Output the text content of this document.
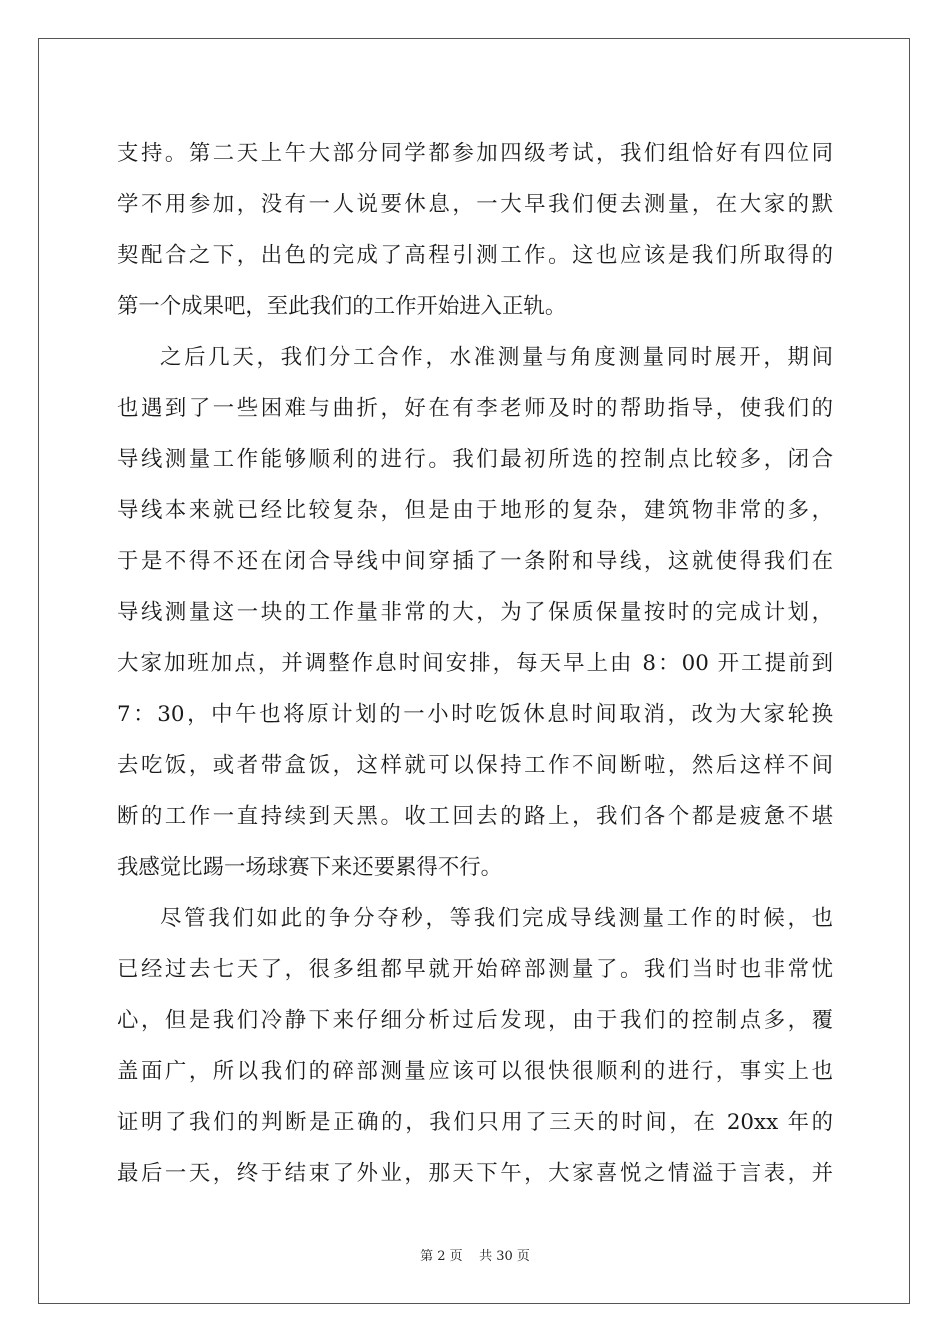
支持。第二天上午大部分同学都参加四级考试，我们组恰好有四位同
学不用参加，没有一人说要休息，一大早我们便去测量，在大家的默
契配合之下，出色的完成了高程引测工作。这也应该是我们所取得的
第一个成果吧，至此我们的工作开始进入正轨。
之后几天，我们分工合作，水准测量与角度测量同时展开，期间
也遇到了一些困难与曲折，好在有李老师及时的帮助指导，使我们的
导线测量工作能够顺利的进行。我们最初所选的控制点比较多，闭合
导线本来就已经比较复杂，但是由于地形的复杂，建筑物非常的多，
于是不得不还在闭合导线中间穿插了一条附和导线，这就使得我们在
导线测量这一块的工作量非常的大，为了保质保量按时的完成计划，
大家加班加点，并调整作息时间安排，每天早上由 8：00 开工提前到
7：30，中午也将原计划的一小时吃饭休息时间取消，改为大家轮换
去吃饭，或者带盒饭，这样就可以保持工作不间断啦，然后这样不间
断的工作一直持续到天黑。收工回去的路上，我们各个都是疲惫不堪
我感觉比踢一场球赛下来还要累得不行。
尽管我们如此的争分夺秒，等我们完成导线测量工作的时候，也
已经过去七天了，很多组都早就开始碎部测量了。我们当时也非常忧
心，但是我们冷静下来仔细分析过后发现，由于我们的控制点多，覆
盖面广，所以我们的碎部测量应该可以很快很顺利的进行，事实上也
证明了我们的判断是正确的，我们只用了三天的时间，在 20xx 年的
最后一天，终于结束了外业，那天下午，大家喜悦之情溢于言表，并
第 2 页    共 30 页
